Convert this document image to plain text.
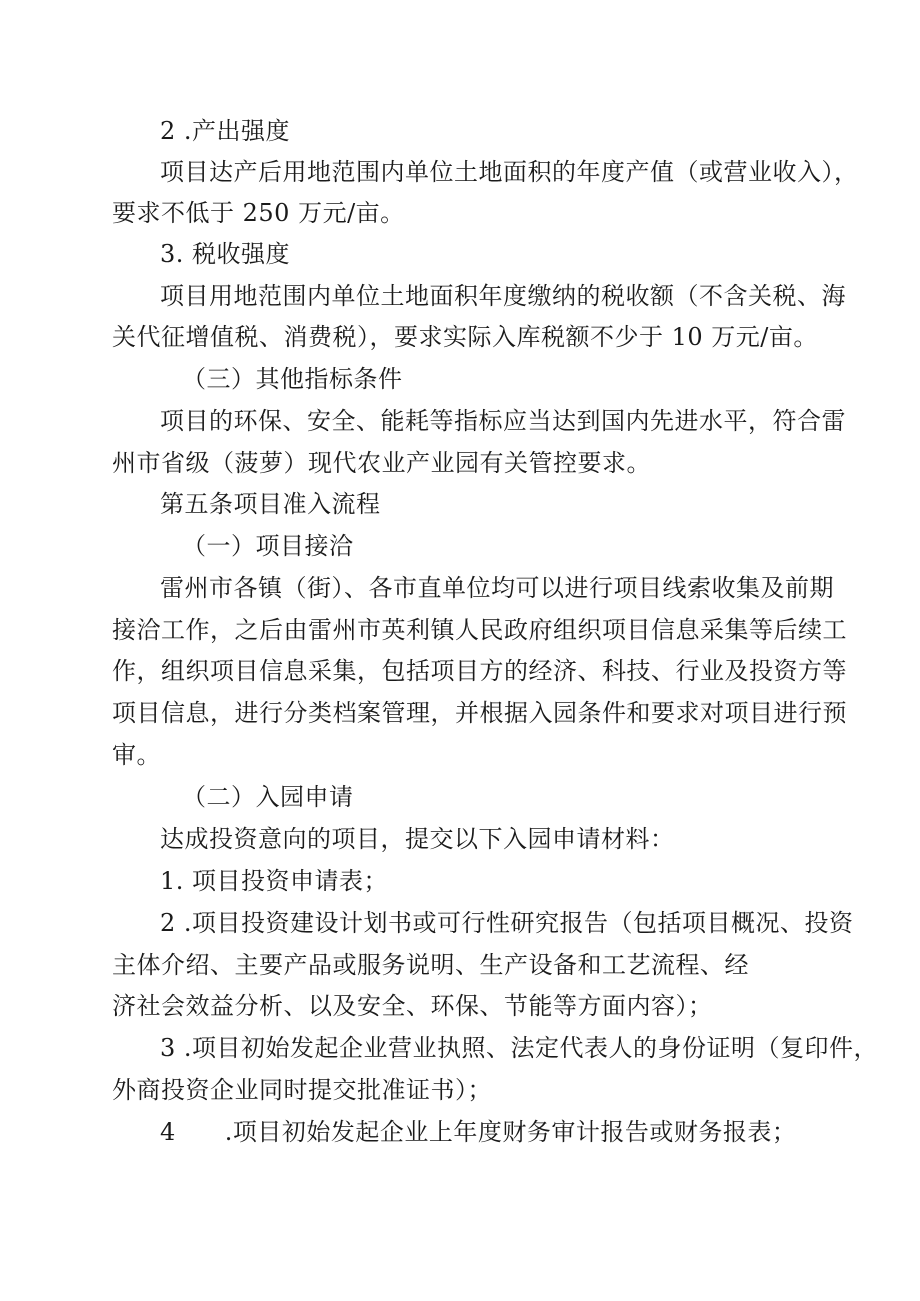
2 .产出强度
项目达产后用地范围内单位土地面积的年度产值（或营业收入），
要求不低于 250 万元/亩。
3. 税收强度
项目用地范围内单位土地面积年度缴纳的税收额（不含关税、海
关代征增值税、消费税），要求实际入库税额不少于 10 万元/亩。
（三）其他指标条件
项目的环保、安全、能耗等指标应当达到国内先进水平，符合雷
州市省级（菠萝）现代农业产业园有关管控要求。
第五条项目准入流程
（一）项目接洽
雷州市各镇（街）、各市直单位均可以进行项目线索收集及前期
接洽工作，之后由雷州市英利镇人民政府组织项目信息采集等后续工
作，组织项目信息采集，包括项目方的经济、科技、行业及投资方等
项目信息，进行分类档案管理，并根据入园条件和要求对项目进行预
审。
（二）入园申请
达成投资意向的项目，提交以下入园申请材料：
1. 项目投资申请表；
2 .项目投资建设计划书或可行性研究报告（包括项目概况、投资
主体介绍、主要产品或服务说明、生产设备和工艺流程、经
济社会效益分析、以及安全、环保、节能等方面内容）；
3 .项目初始发起企业营业执照、法定代表人的身份证明（复印件，
外商投资企业同时提交批准证书）；
4　　.项目初始发起企业上年度财务审计报告或财务报表；
